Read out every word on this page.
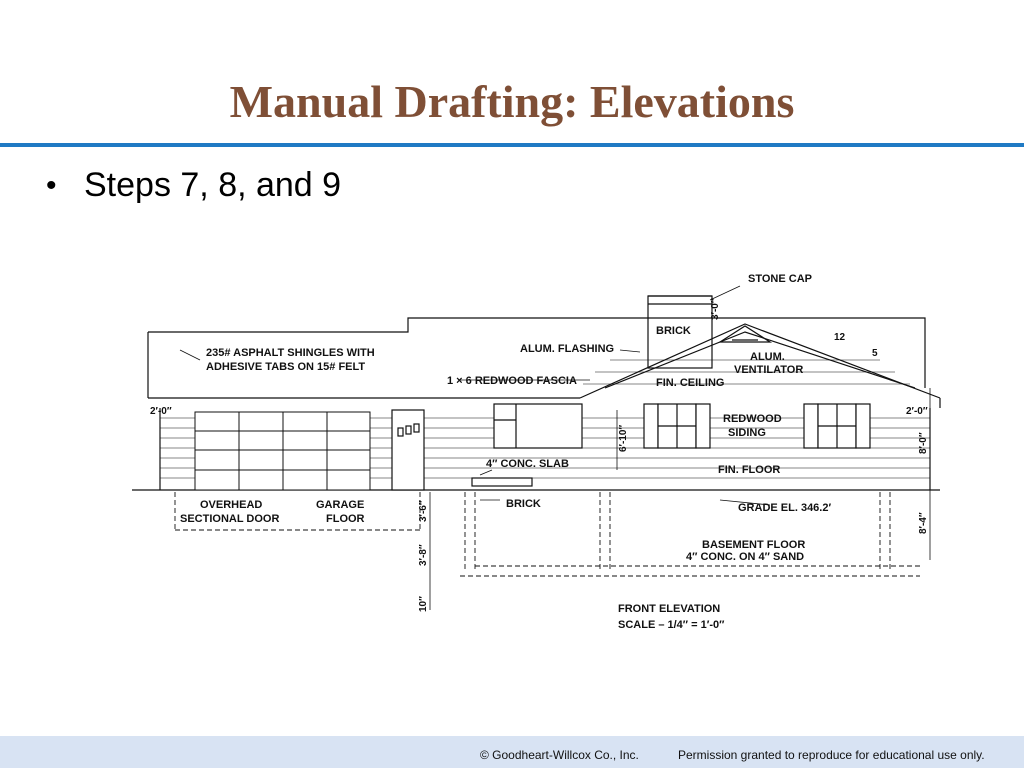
Manual Drafting: Elevations
• Steps 7, 8, and 9
STONE CAP
BRICK
ALUM. FLASHING
235# ASPHALT SHINGLES WITH
ADHESIVE TABS ON 15# FELT
ALUM.
VENTILATOR
1 × 6 REDWOOD FASCIA	FIN. CEILING
REDWOOD
SIDING
4″ CONC. SLAB	FIN. FLOOR
OVERHEAD
SECTIONAL DOOR
GARAGE
FLOOR
BRICK	GRADE EL. 346.2′
BASEMENT FLOOR
4″ CONC. ON 4″ SAND
FRONT ELEVATION
SCALE – 1/4″ = 1′-0″
3′-0″
12
5
2′-0″	2′-0″
8′-0″
8′-4″
6′-10″
3′-6″
3′-8″
10″
© Goodheart-Willcox Co., Inc.	Permission granted to reproduce for educational use only.
